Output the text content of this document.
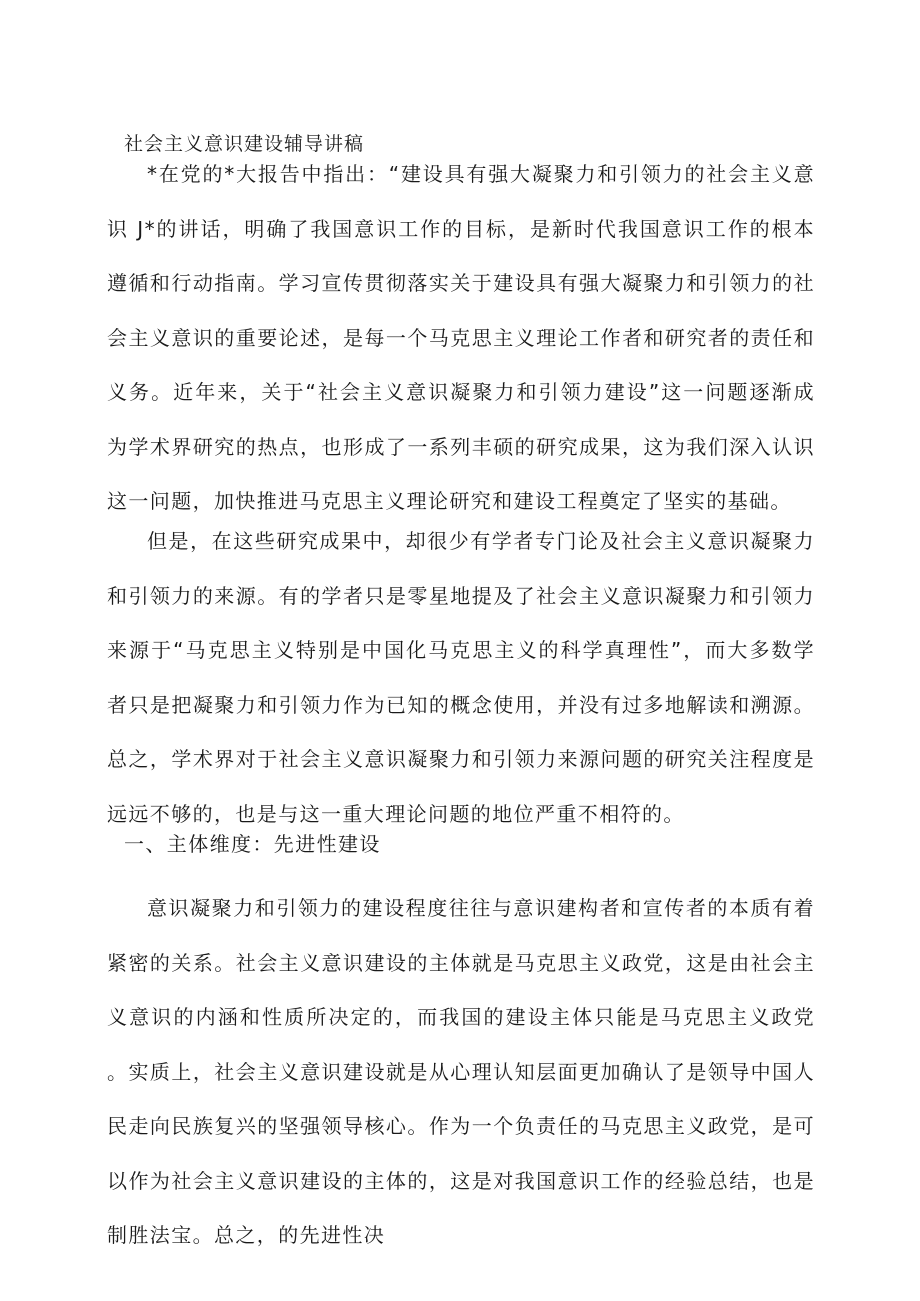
社会主义意识建设辅导讲稿

*在党的*大报告中指出：“建设具有强大凝聚力和引领力的社会主义意识 J*的讲话，明确了我国意识工作的目标，是新时代我国意识工作的根本遵循和行动指南。学习宣传贯彻落实关于建设具有强大凝聚力和引领力的社会主义意识的重要论述，是每一个马克思主义理论工作者和研究者的责任和义务。近年来，关于“社会主义意识凝聚力和引领力建设”这一问题逐渐成为学术界研究的热点，也形成了一系列丰硕的研究成果，这为我们深入认识这一问题，加快推进马克思主义理论研究和建设工程奠定了坚实的基础。

但是，在这些研究成果中，却很少有学者专门论及社会主义意识凝聚力和引领力的来源。有的学者只是零星地提及了社会主义意识凝聚力和引领力来源于“马克思主义特别是中国化马克思主义的科学真理性”，而大多数学者只是把凝聚力和引领力作为已知的概念使用，并没有过多地解读和溯源。总之，学术界对于社会主义意识凝聚力和引领力来源问题的研究关注程度是远远不够的，也是与这一重大理论问题的地位严重不相符的。

一、主体维度：先进性建设

意识凝聚力和引领力的建设程度往往与意识建构者和宣传者的本质有着紧密的关系。社会主义意识建设的主体就是马克思主义政党，这是由社会主义意识的内涵和性质所决定的，而我国的建设主体只能是马克思主义政党 。实质上，社会主义意识建设就是从心理认知层面更加确认了是领导中国人民走向民族复兴的坚强领导核心。作为一个负责任的马克思主义政党，是可以作为社会主义意识建设的主体的，这是对我国意识工作的经验总结，也是制胜法宝。总之，的先进性决
